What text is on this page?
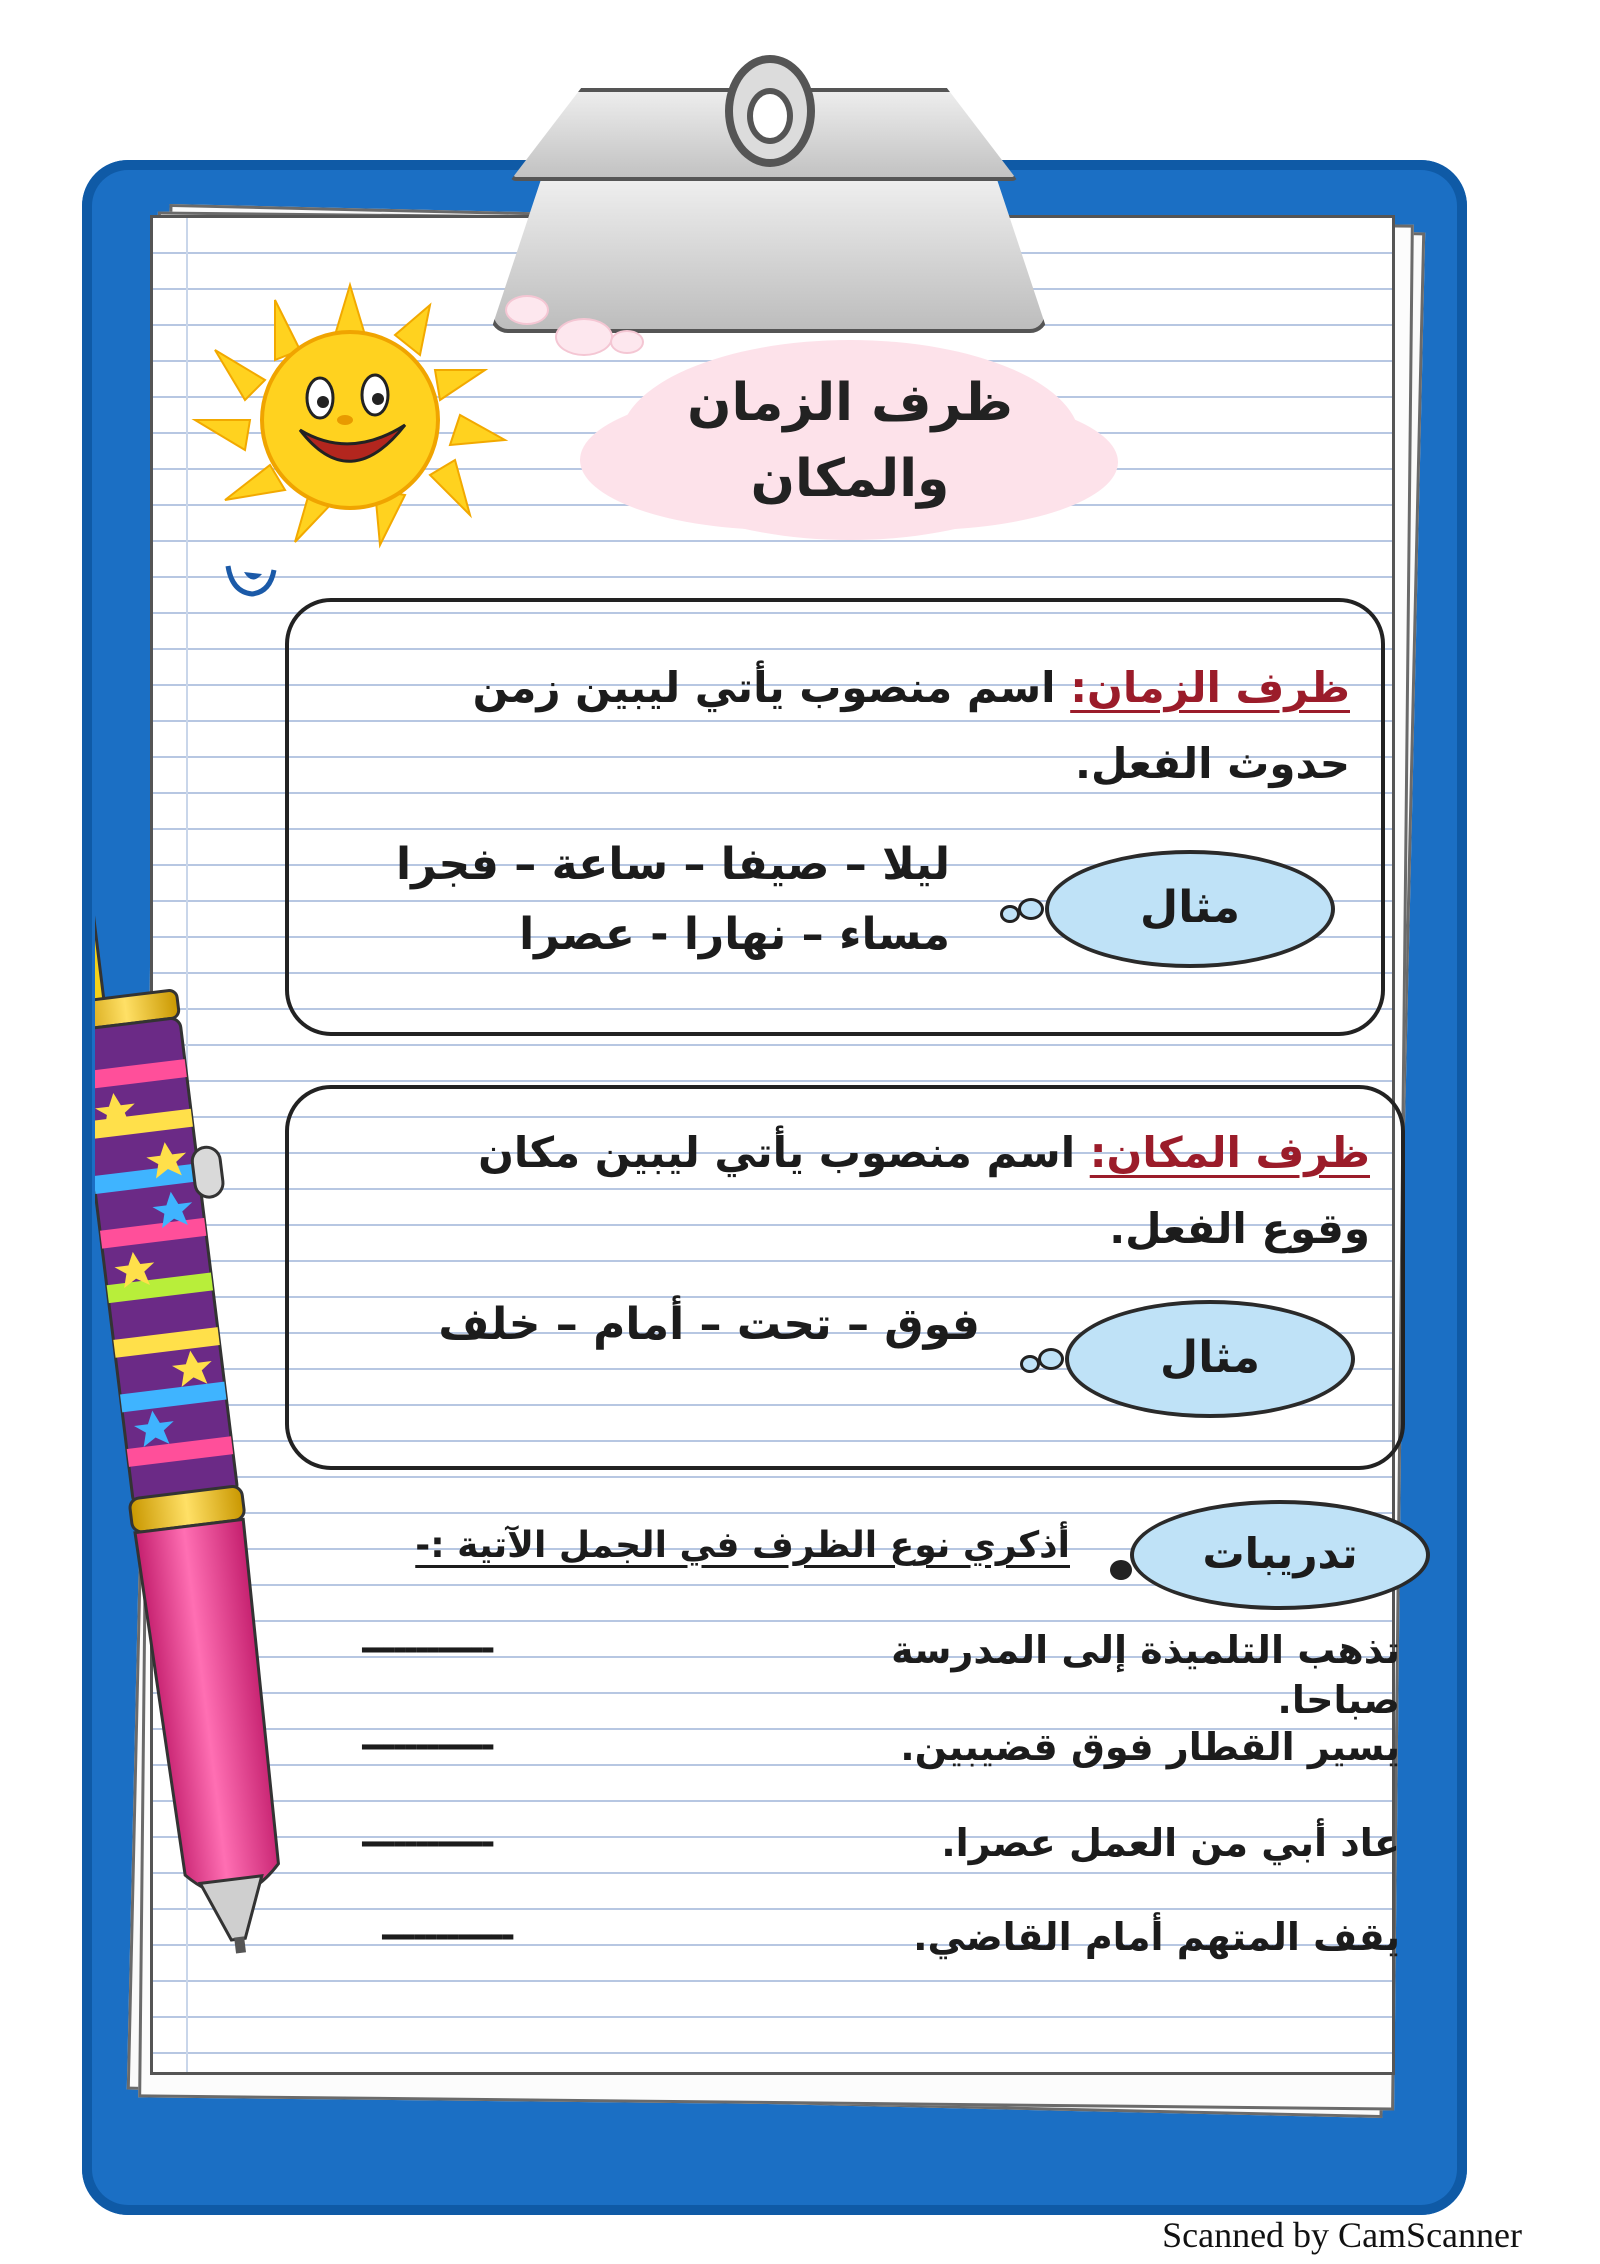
ظرف الزمان
والمكان
ظرف الزمان: اسم منصوب يأتي ليبين زمن
حدوث الفعل.
مثال
ليلا – صيفا – ساعة – فجرا
مساء – نهارا - عصرا
ظرف المكان: اسم منصوب يأتي ليبين مكان
وقوع الفعل.
مثال
فوق – تحت – أمام – خلف
تدريبات
أذكري نوع الظرف في الجمل الآتية :-
تذهب التلميذة إلى المدرسة صباحا.
------------
يسير القطار فوق قضيبين.
------------
عاد أبي من العمل عصرا.
------------
يقف المتهم أمام القاضي.
------------
Scanned by CamScanner
